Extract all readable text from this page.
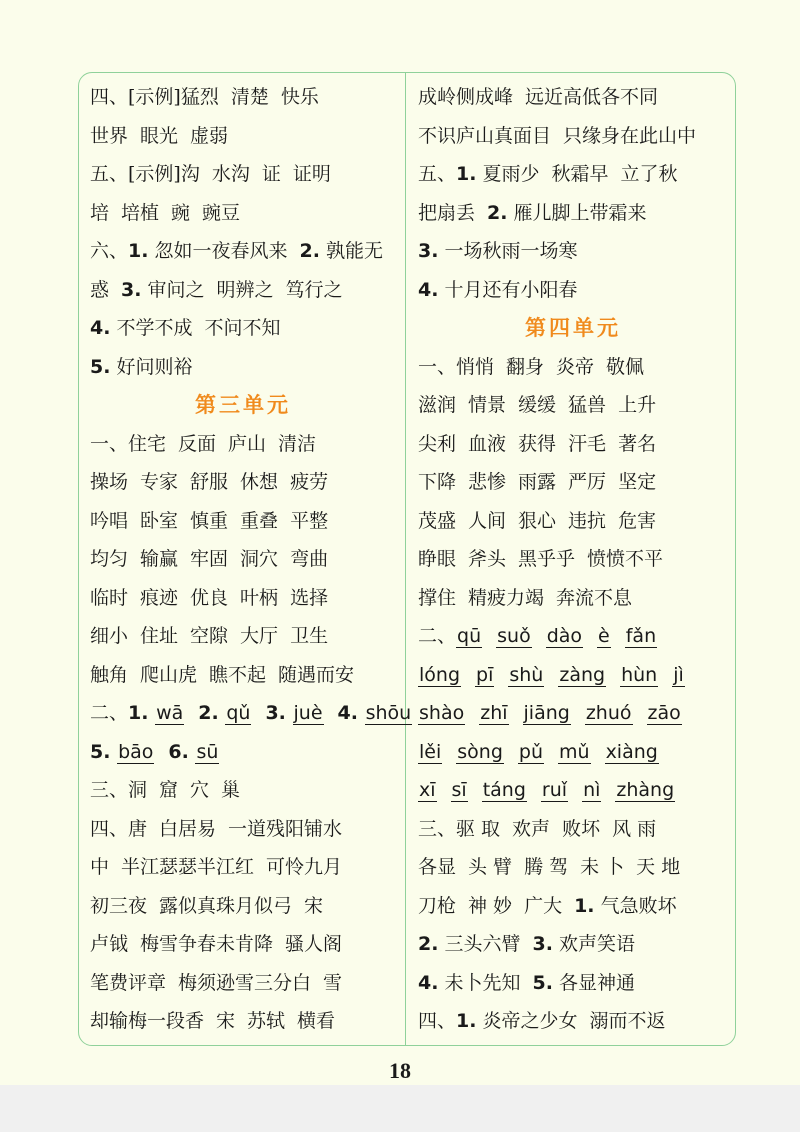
四、[示例]猛烈 清楚 快乐
世界 眼光 虚弱
五、[示例]沟 水沟 证 证明
培 培植 豌 豌豆
六、1. 忽如一夜春风来 2. 孰能无
惑 3. 审问之 明辨之 笃行之
4. 不学不成 不问不知
5. 好问则裕
第三单元
一、住宅 反面 庐山 清洁
操场 专家 舒服 休想 疲劳
吟唱 卧室 慎重 重叠 平整
均匀 输赢 牢固 洞穴 弯曲
临时 痕迹 优良 叶柄 选择
细小 住址 空隙 大厅 卫生
触角 爬山虎 瞧不起 随遇而安
二、1. wā 2. qǔ 3. juè 4. shōu
5. bāo 6. sū
三、洞 窟 穴 巢
四、唐 白居易 一道残阳铺水
中 半江瑟瑟半江红 可怜九月
初三夜 露似真珠月似弓 宋
卢钺 梅雪争春未肯降 骚人阁
笔费评章 梅须逊雪三分白 雪
却输梅一段香 宋 苏轼 横看
成岭侧成峰 远近高低各不同
不识庐山真面目 只缘身在此山中
五、1. 夏雨少 秋霜早 立了秋
把扇丢 2. 雁儿脚上带霜来
3. 一场秋雨一场寒
4. 十月还有小阳春
第四单元
一、悄悄 翻身 炎帝 敬佩
滋润 情景 缓缓 猛兽 上升
尖利 血液 获得 汗毛 著名
下降 悲惨 雨露 严厉 坚定
茂盛 人间 狠心 违抗 危害
睁眼 斧头 黑乎乎 愤愤不平
撑住 精疲力竭 奔流不息
二、qū suǒ dào è fǎn
lóng pī shù zàng hùn jì
shào zhī jiāng zhuó zāo
lěi sòng pǔ mǔ xiàng
xī sī táng ruǐ nì zhàng
三、驱 取 欢声 败坏 风 雨
各显 头 臂 腾 驾 未 卜 天 地
刀枪 神 妙 广大 1. 气急败坏
2. 三头六臂 3. 欢声笑语
4. 未卜先知 5. 各显神通
四、1. 炎帝之少女 溺而不返
18
